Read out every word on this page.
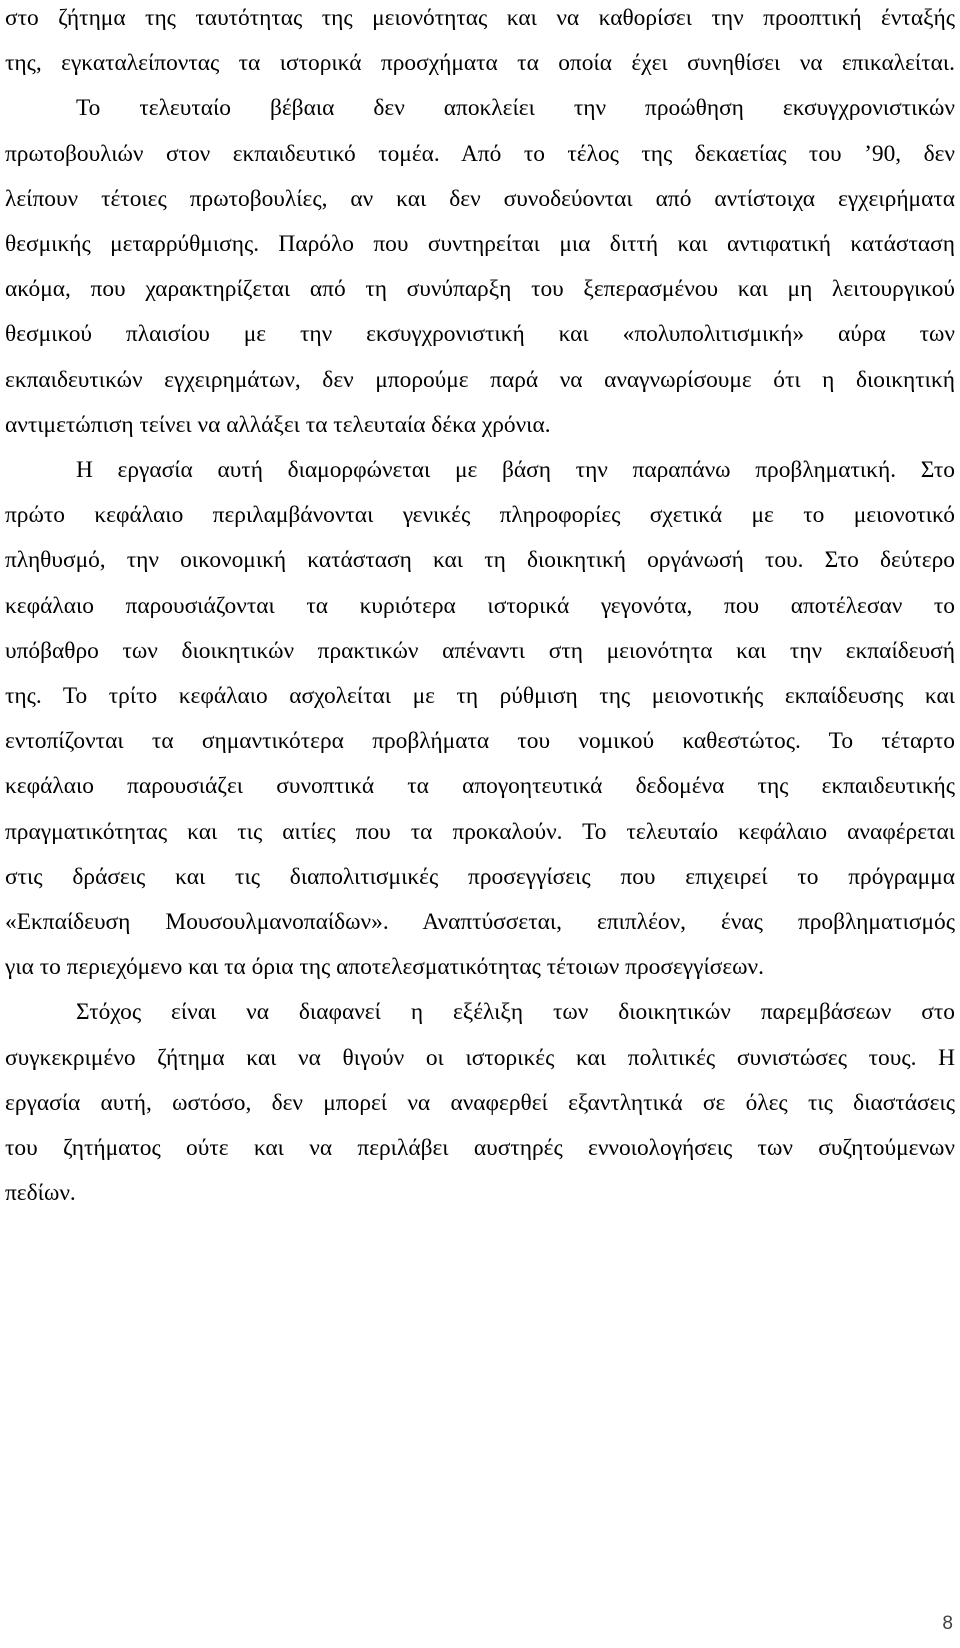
στο ζήτημα της ταυτότητας της μειονότητας και να καθορίσει την προοπτική ένταξής
της, εγκαταλείποντας τα ιστορικά προσχήματα τα οποία έχει συνηθίσει να επικαλείται.
Το τελευταίο βέβαια δεν αποκλείει την προώθηση εκσυγχρονιστικών
πρωτοβουλιών στον εκπαιδευτικό τομέα. Από το τέλος της δεκαετίας του ’90, δεν
λείπουν τέτοιες πρωτοβουλίες, αν και δεν συνοδεύονται από αντίστοιχα εγχειρήματα
θεσμικής μεταρρύθμισης. Παρόλο που συντηρείται μια διττή και αντιφατική κατάσταση
ακόμα, που χαρακτηρίζεται από τη συνύπαρξη του ξεπερασμένου και μη λειτουργικού
θεσμικού πλαισίου με την εκσυγχρονιστική και «πολυπολιτισμική» αύρα των
εκπαιδευτικών εγχειρημάτων, δεν μπορούμε παρά να αναγνωρίσουμε ότι η διοικητική
αντιμετώπιση τείνει να αλλάξει τα τελευταία δέκα χρόνια.
Η εργασία αυτή διαμορφώνεται με βάση την παραπάνω προβληματική. Στο
πρώτο κεφάλαιο περιλαμβάνονται γενικές πληροφορίες σχετικά με το μειονοτικό
πληθυσμό, την οικονομική κατάσταση και τη διοικητική οργάνωσή του. Στο δεύτερο
κεφάλαιο παρουσιάζονται τα κυριότερα ιστορικά γεγονότα, που αποτέλεσαν το
υπόβαθρο των διοικητικών πρακτικών απέναντι στη μειονότητα και την εκπαίδευσή
της. Το τρίτο κεφάλαιο ασχολείται με τη ρύθμιση της μειονοτικής εκπαίδευσης και
εντοπίζονται τα σημαντικότερα προβλήματα του νομικού καθεστώτος. Το τέταρτο
κεφάλαιο παρουσιάζει συνοπτικά τα απογοητευτικά δεδομένα της εκπαιδευτικής
πραγματικότητας και τις αιτίες που τα προκαλούν. Το τελευταίο κεφάλαιο αναφέρεται
στις δράσεις και τις διαπολιτισμικές προσεγγίσεις που επιχειρεί το πρόγραμμα
«Εκπαίδευση Μουσουλμανοπαίδων». Αναπτύσσεται, επιπλέον, ένας προβληματισμός
για το περιεχόμενο και τα όρια της αποτελεσματικότητας τέτοιων προσεγγίσεων.
Στόχος είναι να διαφανεί η εξέλιξη των διοικητικών παρεμβάσεων στο
συγκεκριμένο ζήτημα και να θιγούν οι ιστορικές και πολιτικές συνιστώσες τους. Η
εργασία αυτή, ωστόσο, δεν μπορεί να αναφερθεί εξαντλητικά σε όλες τις διαστάσεις
του ζητήματος ούτε και να περιλάβει αυστηρές εννοιολογήσεις των συζητούμενων
πεδίων.
8
